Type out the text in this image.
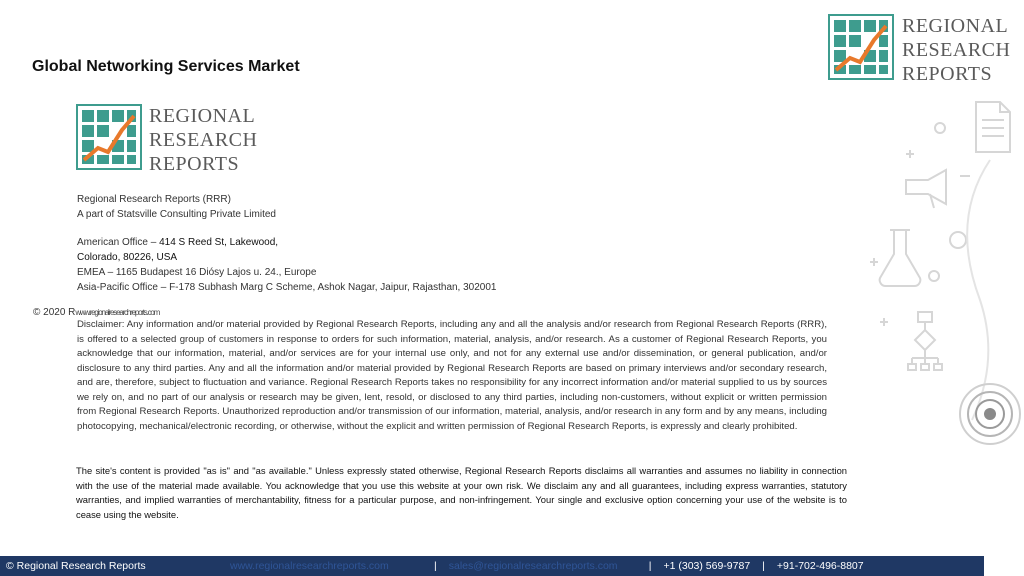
Global Networking Services Market
REGIONAL
RESEARCH
REPORTS
REGIONAL
RESEARCH
REPORTS
Regional Research Reports (RRR)
A part of Statsville Consulting Private Limited
American Office – 414 S Reed St, Lakewood,
Colorado, 80226, USA
EMEA – 1165 Budapest 16 Diósy Lajos u. 24., Europe
Asia-Pacific Office – F-178 Subhash Marg C Scheme, Ashok Nagar, Jaipur, Rajasthan, 302001
© 2020 Rwww.regionalresearchreports.com

Disclaimer: Any information and/or material provided by Regional Research Reports, including any and all the analysis and/or research from Regional Research Reports (RRR), is offered to a selected group of customers in response to orders for such information, material, analysis, and/or research. As a customer of Regional Research Reports, you acknowledge that our information, material, and/or services are for your internal use only, and not for any external use and/or dissemination, or general publication, and/or disclosure to any third parties. Any and all the information and/or material provided by Regional Research Reports are based on primary interviews and/or secondary research, and are, therefore, subject to fluctuation and variance. Regional Research Reports takes no responsibility for any incorrect information and/or material supplied to us by sources we rely on, and no part of our analysis or research may be given, lent, resold, or disclosed to any third parties, including non-customers, without explicit or written permission from Regional Research Reports. Unauthorized reproduction and/or transmission of our information, material, analysis, and/or research in any form and by any means, including photocopying, mechanical/electronic recording, or otherwise, without the explicit and written permission of Regional Research Reports, is expressly and clearly prohibited.

The site's content is provided "as is" and "as available." Unless expressly stated otherwise, Regional Research Reports disclaims all warranties and assumes no liability in connection with the use of the material made available. You acknowledge that you use this website at your own risk. We disclaim any and all guarantees, including express warranties, statutory warranties, and implied warranties of merchantability, fitness for a particular purpose, and non-infringement. Your single and exclusive option concerning your use of the website is to cease using the website.

© Regional Research Reports	www.regionalresearchreports.com	| sales@regionalresearchreports.com	| +1 (303) 569-9787 | +91-702-496-8807
